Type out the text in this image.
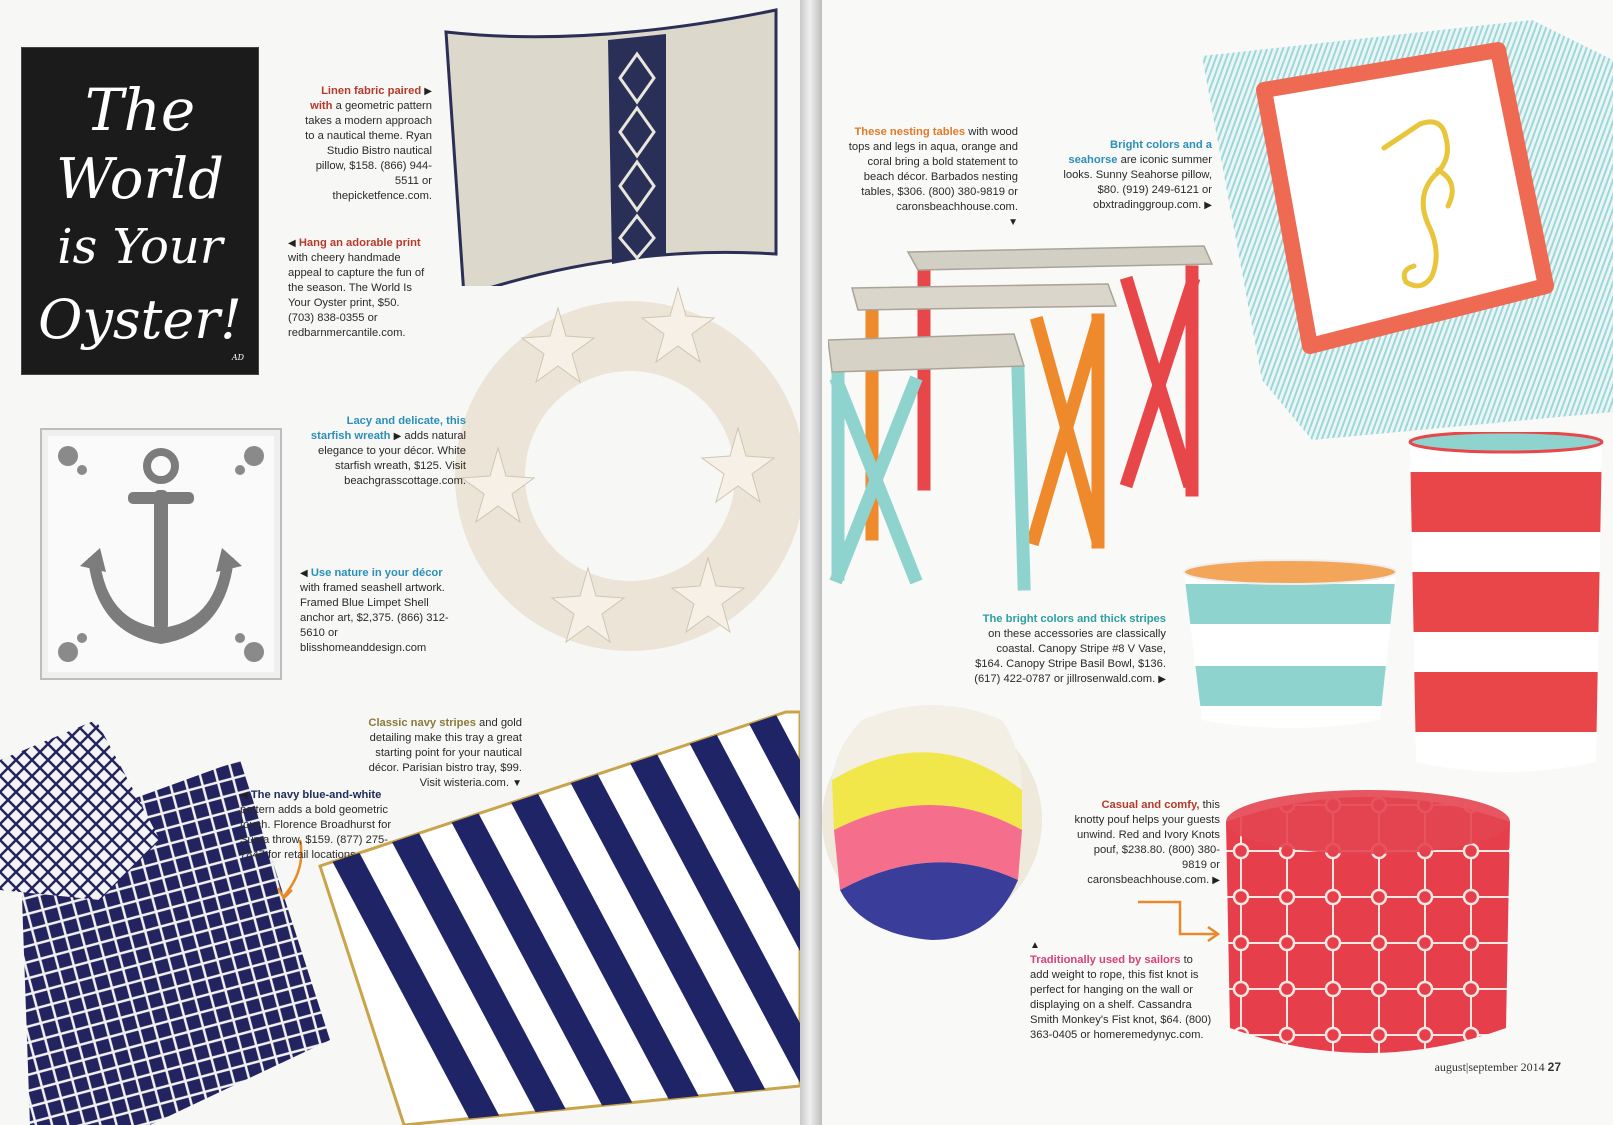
The
World
is Your
Oyster!
AD
Linen fabric paired ▶
with a geometric pattern takes a modern approach to a nautical theme. Ryan Studio Bistro nautical pillow, $158. (866) 944-5511 or thepicketfence.com.
◀ Hang an adorable print with cheery handmade appeal to capture the fun of the season. The World Is Your Oyster print, $50. (703) 838-0355 or redbarnmercantile.com.
Lacy and delicate, this starfish wreath ▶ adds natural elegance to your décor. White starfish wreath, $125. Visit beachgrasscottage.com.
◀ Use nature in your décor with framed seashell artwork. Framed Blue Limpet Shell anchor art, $2,375. (866) 312-5610 or blisshomeanddesign.com
Classic navy stripes and gold detailing make this tray a great starting point for your nautical décor. Parisian bistro tray, $99. Visit wisteria.com. ▼
◀ The navy blue-and-white pattern adds a bold geometric touch. Florence Broadhurst for Surya throw, $159. (877) 275-7847 for retail locations.
These nesting tables with wood tops and legs in aqua, orange and coral bring a bold statement to beach décor. Barbados nesting tables, $306. (800) 380-9819 or caronsbeachhouse.com.
▼
Bright colors and a seahorse are iconic summer looks. Sunny Seahorse pillow, $80. (919) 249-6121 or obxtradinggroup.com. ▶
The bright colors and thick stripes on these accessories are classically coastal. Canopy Stripe #8 V Vase, $164. Canopy Stripe Basil Bowl, $136. (617) 422-0787 or jillrosenwald.com. ▶
Casual and comfy, this knotty pouf helps your guests unwind. Red and Ivory Knots pouf, $238.80. (800) 380-9819 or caronsbeachhouse.com. ▶
▲
Traditionally used by sailors to add weight to rope, this fist knot is perfect for hanging on the wall or displaying on a shelf. Cassandra Smith Monkey's Fist knot, $64. (800) 363-0405 or homeremedynyc.com.
august|september 2014 27
